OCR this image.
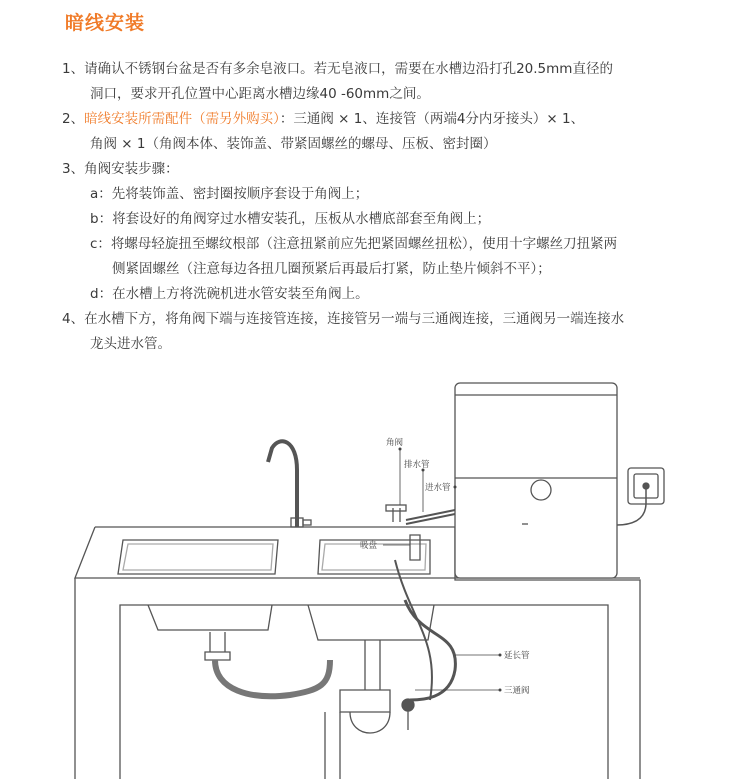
暗线安装
1、请确认不锈钢台盆是否有多余皂液口。若无皂液口，需要在水槽边沿打孔20.5mm直径的
洞口，要求开孔位置中心距离水槽边缘40 -60mm之间。
2、暗线安装所需配件（需另外购买）：三通阀 × 1、连接管（两端4分内牙接头）× 1、
角阀 × 1（角阀本体、装饰盖、带紧固螺丝的螺母、压板、密封圈）
3、角阀安装步骤：
a：先将装饰盖、密封圈按顺序套设于角阀上；
b：将套设好的角阀穿过水槽安装孔，压板从水槽底部套至角阀上；
c：将螺母轻旋扭至螺纹根部（注意扭紧前应先把紧固螺丝扭松），使用十字螺丝刀扭紧两
侧紧固螺丝（注意每边各扭几圈预紧后再最后打紧，防止垫片倾斜不平）；
d：在水槽上方将洗碗机进水管安装至角阀上。
4、在水槽下方，将角阀下端与连接管连接，连接管另一端与三通阀连接，三通阀另一端连接水
龙头进水管。
角阀
排水管
进水管
吸盘
延长管
三通阀
